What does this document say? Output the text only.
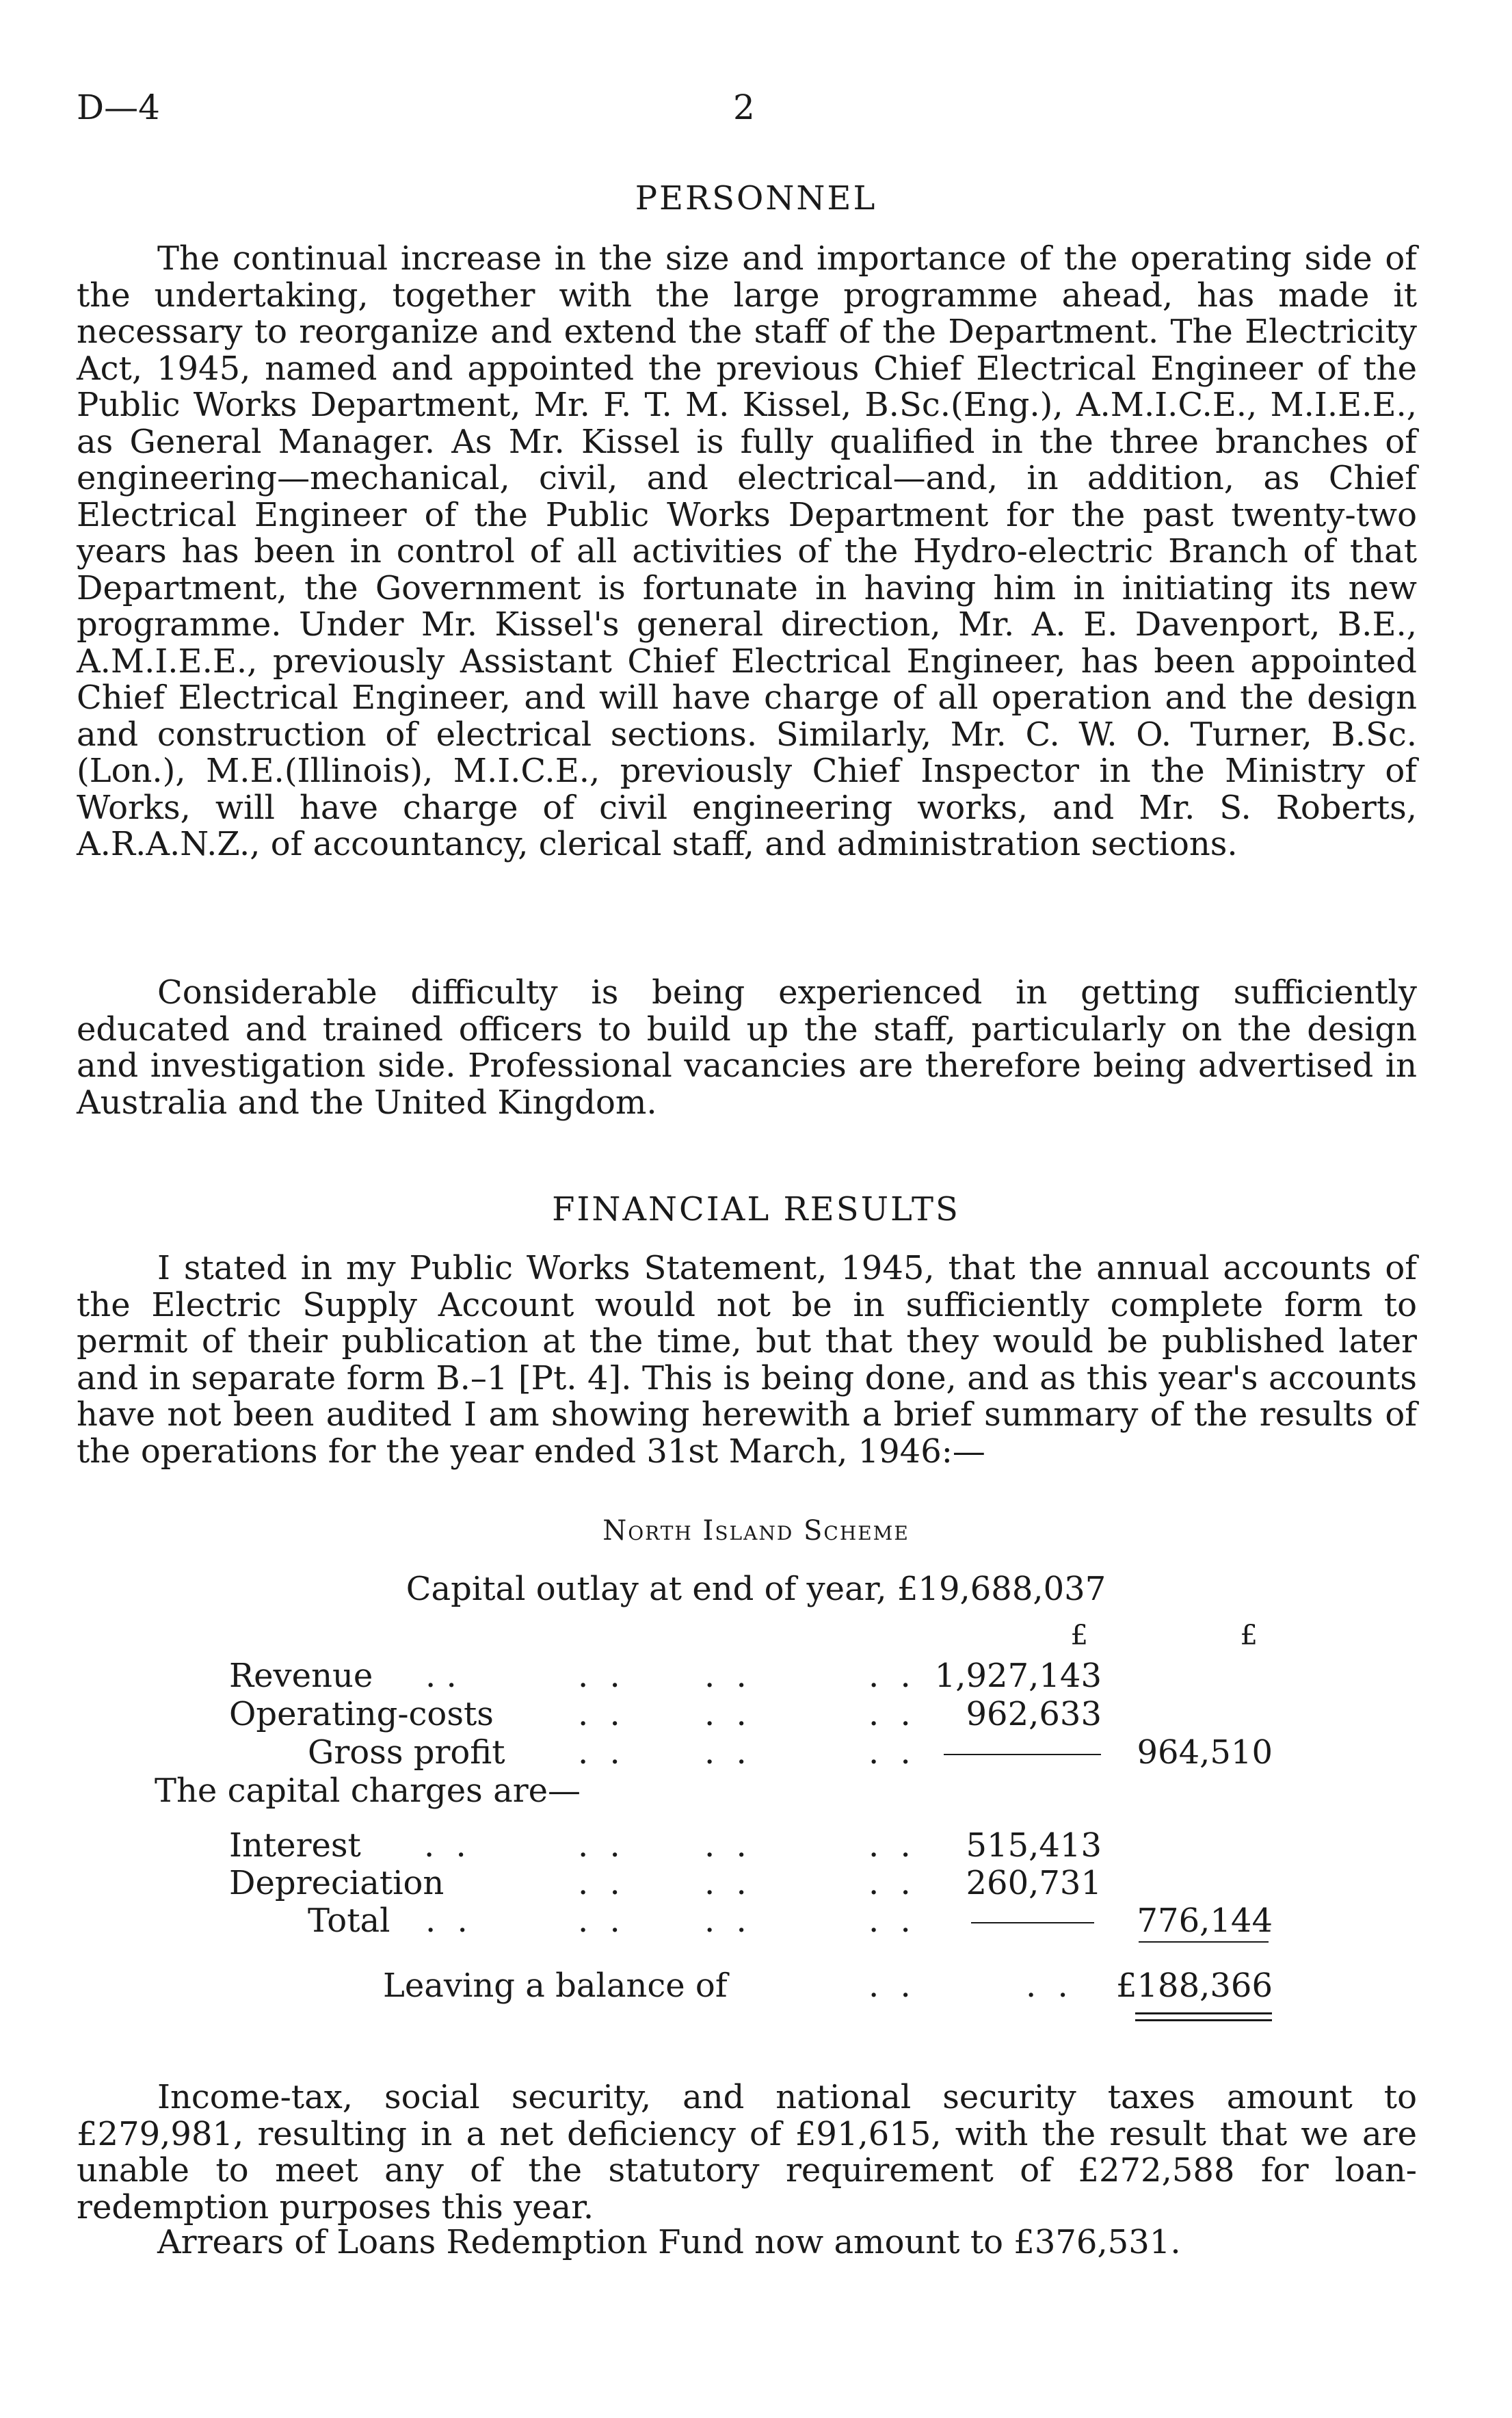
D—4	2
PERSONNEL

The continual increase in the size and importance of the operating side of the undertaking, together with the large programme ahead, has made it necessary to reorganize and extend the staff of the Department. The Electricity Act, 1945, named and appointed the previous Chief Electrical Engineer of the Public Works Department, Mr. F. T. M. Kissel, B.Sc.(Eng.), A.M.I.C.E., M.I.E.E., as General Manager. As Mr. Kissel is fully qualified in the three branches of engineering—mechanical, civil, and electrical—and, in addition, as Chief Electrical Engineer of the Public Works Department for the past twenty-two years has been in control of all activities of the Hydro-electric Branch of that Department, the Government is fortunate in having him in initiating its new programme. Under Mr. Kissel's general direction, Mr. A. E. Davenport, B.E., A.M.I.E.E., previously Assistant Chief Electrical Engineer, has been appointed Chief Electrical Engineer, and will have charge of all operation and the design and construction of electrical sections. Similarly, Mr. C. W. O. Turner, B.Sc.(Lon.), M.E.(Illinois), M.I.C.E., previously Chief Inspector in the Ministry of Works, will have charge of civil engineering works, and Mr. S. Roberts, A.R.A.N.Z., of accountancy, clerical staff, and administration sections.

Considerable difficulty is being experienced in getting sufficiently educated and trained officers to build up the staff, particularly on the design and investigation side. Professional vacancies are therefore being advertised in Australia and the United Kingdom.

FINANCIAL RESULTS

I stated in my Public Works Statement, 1945, that the annual accounts of the Electric Supply Account would not be in sufficiently complete form to permit of their publication at the time, but that they would be published later and in separate form B.–1 [Pt. 4]. This is being done, and as this year's accounts have not been audited I am showing herewith a brief summary of the results of the operations for the year ended 31st March, 1946:—

North Island Scheme
Capital outlay at end of year, £19,688,037
£	£
Revenue . .	. . . .	. . 1,927,143
Operating-costs	. . . .	. . 962,633
Gross profit . . . .	. .	964,510
The capital charges are—
Interest . .	. . . .	. . 515,413
Depreciation	. . . .	. . 260,731
Total . .	. . . .	. .	776,144
Leaving a balance of	. .	. . £188,366

Income-tax, social security, and national security taxes amount to £279,981, resulting in a net deficiency of £91,615, with the result that we are unable to meet any of the statutory requirement of £272,588 for loan-redemption purposes this year.

Arrears of Loans Redemption Fund now amount to £376,531.
